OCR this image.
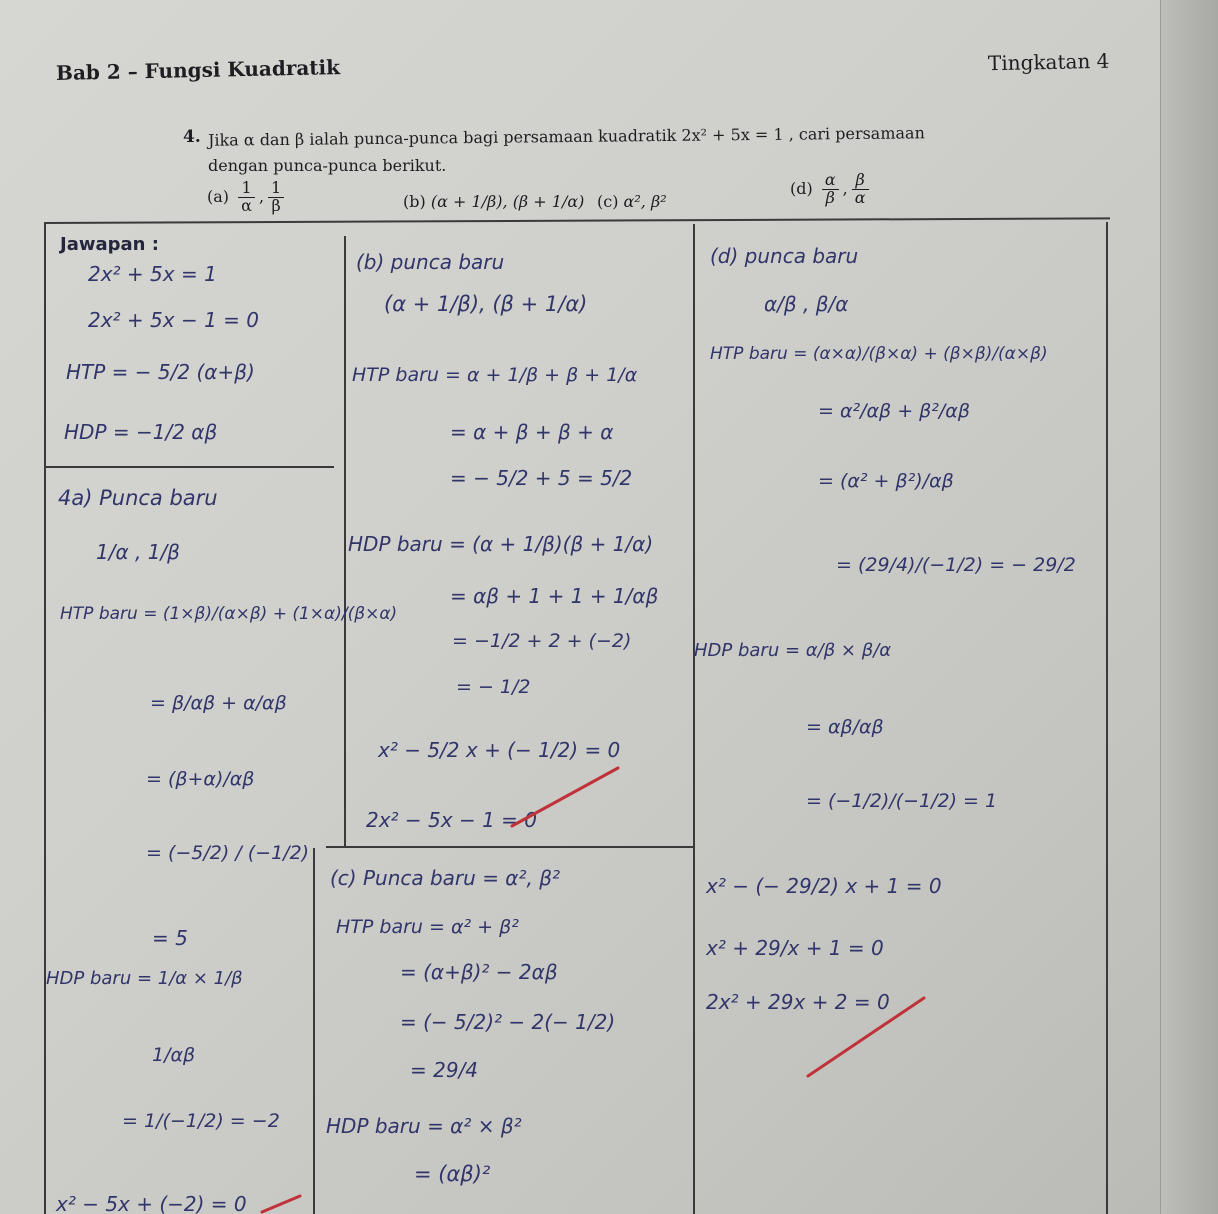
Bab 2 – Fungsi Kuadratik	Tingkatan 4
4. Jika α dan β ialah punca-punca bagi persamaan kuadratik 2x² + 5x = 1 , cari persamaan
dengan punca-punca berikut.
$(a) \frac{1}{\alpha}$ , $\frac{1}{\beta}$	(b) (α + 1/β), (β + 1/α) (c) α², β²
$(d) \frac{\alpha}{\beta}$ , $\frac{\beta}{\alpha}$
Jawapan :
2x² + 5x = 1
2x² + 5x − 1 = 0
HTP = − 5/2 (α+β)
HDP = −1/2 αβ
4a) Punca baru
1/α , 1/β
HTP baru = (1×β)/(α×β) + (1×α)/(β×α)
= β/αβ + α/αβ
= (β+α)/αβ
= (−5/2) / (−1/2)
= 5
HDP baru = 1/α × 1/β
1/αβ
= 1/(−1/2) = −2
x² − 5x + (−2) = 0
(b) punca baru
(α + 1/β), (β + 1/α)
HTP baru = α + 1/β + β + 1/α
= α + β + β + α
= − 5/2 + 5 = 5/2
HDP baru = (α + 1/β)(β + 1/α)
= αβ + 1 + 1 + 1/αβ
= −1/2 + 2 + (−2)
= − 1/2
x² − 5/2 x + (− 1/2) = 0
2x² − 5x − 1 = 0
(c) Punca baru = α², β²
HTP baru = α² + β²
= (α+β)² − 2αβ
= (− 5/2)² − 2(− 1/2)
= 29/4
HDP baru = α² × β²
= (αβ)²
(d) punca baru
α/β , β/α
HTP baru = (α×α)/(β×α) + (β×β)/(α×β)
= α²/αβ + β²/αβ
= (α² + β²)/αβ
= (29/4)/(−1/2) = − 29/2
HDP baru = α/β × β/α
= αβ/αβ
= (−1/2)/(−1/2) = 1
x² − (− 29/2) x + 1 = 0
x² + 29/x + 1 = 0
2x² + 29x + 2 = 0
